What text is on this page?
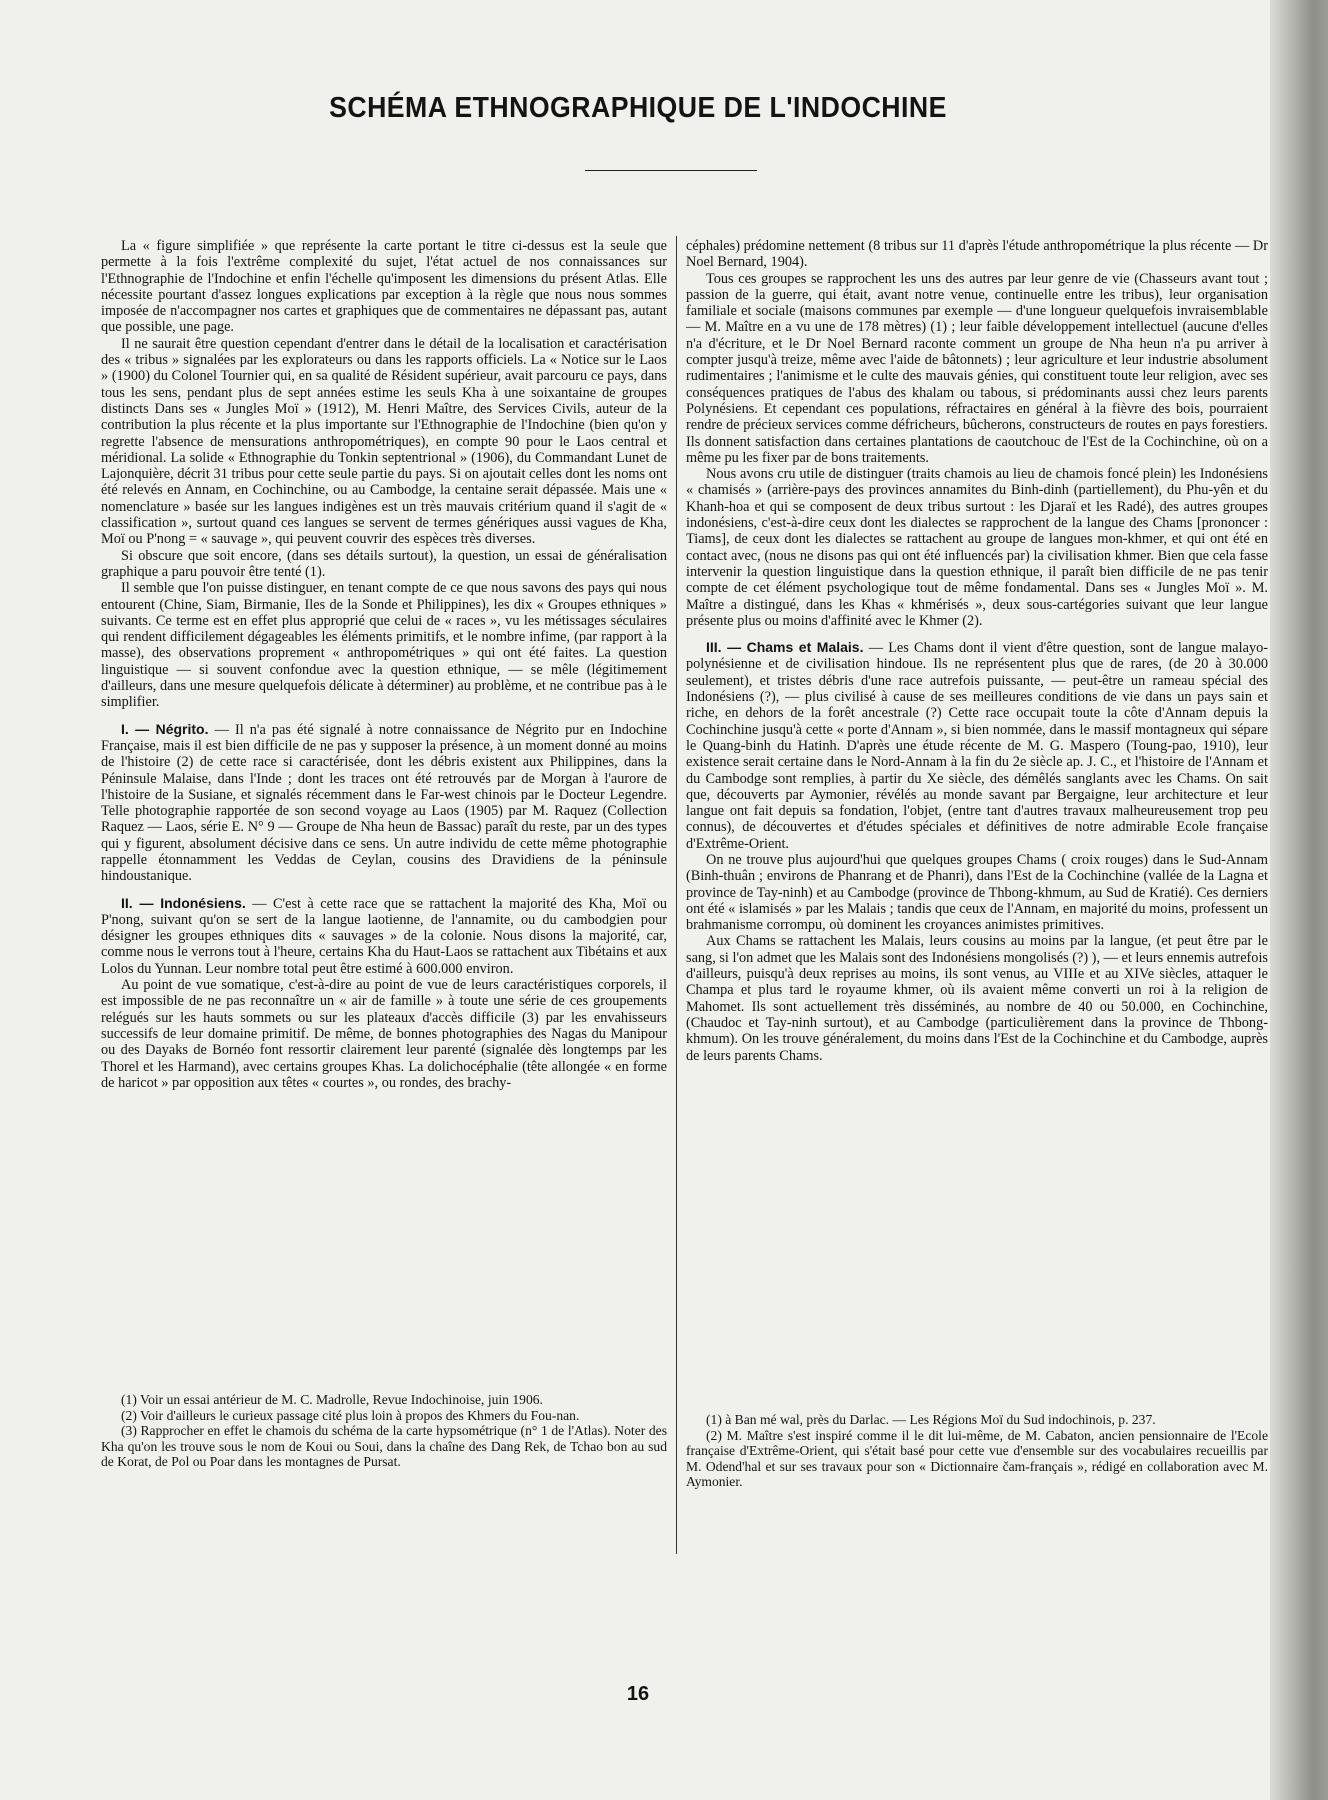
SCHÉMA ETHNOGRAPHIQUE DE L'INDOCHINE

La « figure simplifiée » que représente la carte portant le titre ci-dessus est la seule que permette à la fois l'extrême complexité du sujet, l'état actuel de nos connaissances sur l'Ethnographie de l'Indochine et enfin l'échelle qu'imposent les dimensions du présent Atlas. Elle nécessite pourtant d'assez longues explications par exception à la règle que nous nous sommes imposée de n'accompagner nos cartes et graphiques que de commentaires ne dépassant pas, autant que possible, une page.

Il ne saurait être question cependant d'entrer dans le détail de la localisation et caractérisation des « tribus » signalées par les explorateurs ou dans les rapports officiels. La « Notice sur le Laos » (1900) du Colonel Tournier qui, en sa qualité de Résident supérieur, avait parcouru ce pays, dans tous les sens, pendant plus de sept années estime les seuls Kha à une soixantaine de groupes distincts Dans ses « Jungles Moï » (1912), M. Henri Maître, des Services Civils, auteur de la contribution la plus récente et la plus importante sur l'Ethnographie de l'Indochine (bien qu'on y regrette l'absence de mensurations anthropométriques), en compte 90 pour le Laos central et méridional. La solide « Ethnographie du Tonkin septentrional » (1906), du Commandant Lunet de Lajonquière, décrit 31 tribus pour cette seule partie du pays. Si on ajoutait celles dont les noms ont été relevés en Annam, en Cochinchine, ou au Cambodge, la centaine serait dépassée. Mais une « nomenclature » basée sur les langues indigènes est un très mauvais critérium quand il s'agit de « classification », surtout quand ces langues se servent de termes génériques aussi vagues de Kha, Moï ou P'nong = « sauvage », qui peuvent couvrir des espèces très diverses.

Si obscure que soit encore, (dans ses détails surtout), la question, un essai de généralisation graphique a paru pouvoir être tenté (1).

Il semble que l'on puisse distinguer, en tenant compte de ce que nous savons des pays qui nous entourent (Chine, Siam, Birmanie, Iles de la Sonde et Philippines), les dix « Groupes ethniques » suivants. Ce terme est en effet plus approprié que celui de « races », vu les métissages séculaires qui rendent difficilement dégageables les éléments primitifs, et le nombre infime, (par rapport à la masse), des observations proprement « anthropométriques » qui ont été faites. La question linguistique — si souvent confondue avec la question ethnique, — se mêle (légitimement d'ailleurs, dans une mesure quelquefois délicate à déterminer) au problème, et ne contribue pas à le simplifier.

I. — Négrito. — Il n'a pas été signalé à notre connaissance de Négrito pur en Indochine Française, mais il est bien difficile de ne pas y supposer la présence, à un moment donné au moins de l'histoire (2) de cette race si caractérisée, dont les débris existent aux Philippines, dans la Péninsule Malaise, dans l'Inde ; dont les traces ont été retrouvés par de Morgan à l'aurore de l'histoire de la Susiane, et signalés récemment dans le Far-west chinois par le Docteur Legendre. Telle photographie rapportée de son second voyage au Laos (1905) par M. Raquez (Collection Raquez — Laos, série E. N° 9 — Groupe de Nha heun de Bassac) paraît du reste, par un des types qui y figurent, absolument décisive dans ce sens. Un autre individu de cette même photographie rappelle étonnamment les Veddas de Ceylan, cousins des Dravidiens de la péninsule hindoustanique.

II. — Indonésiens. — C'est à cette race que se rattachent la majorité des Kha, Moï ou P'nong, suivant qu'on se sert de la langue laotienne, de l'annamite, ou du cambodgien pour désigner les groupes ethniques dits « sauvages » de la colonie. Nous disons la majorité, car, comme nous le verrons tout à l'heure, certains Kha du Haut-Laos se rattachent aux Tibétains et aux Lolos du Yunnan. Leur nombre total peut être estimé à 600.000 environ.

Au point de vue somatique, c'est-à-dire au point de vue de leurs caractéristiques corporels, il est impossible de ne pas reconnaître un « air de famille » à toute une série de ces groupements relégués sur les hauts sommets ou sur les plateaux d'accès difficile (3) par les envahisseurs successifs de leur domaine primitif. De même, de bonnes photographies des Nagas du Manipour ou des Dayaks de Bornéo font ressortir clairement leur parenté (signalée dès longtemps par les Thorel et les Harmand), avec certains groupes Khas. La dolichocéphalie (tête allongée « en forme de haricot » par opposition aux têtes « courtes », ou rondes, des brachy-

céphales) prédomine nettement (8 tribus sur 11 d'après l'étude anthropométrique la plus récente — Dr Noel Bernard, 1904).

Tous ces groupes se rapprochent les uns des autres par leur genre de vie (Chasseurs avant tout ; passion de la guerre, qui était, avant notre venue, continuelle entre les tribus), leur organisation familiale et sociale (maisons communes par exemple — d'une longueur quelquefois invraisemblable — M. Maître en a vu une de 178 mètres) (1) ; leur faible développement intellectuel (aucune d'elles n'a d'écriture, et le Dr Noel Bernard raconte comment un groupe de Nha heun n'a pu arriver à compter jusqu'à treize, même avec l'aide de bâtonnets) ; leur agriculture et leur industrie absolument rudimentaires ; l'animisme et le culte des mauvais génies, qui constituent toute leur religion, avec ses conséquences pratiques de l'abus des khalam ou tabous, si prédominants aussi chez leurs parents Polynésiens. Et cependant ces populations, réfractaires en général à la fièvre des bois, pourraient rendre de précieux services comme défricheurs, bûcherons, constructeurs de routes en pays forestiers. Ils donnent satisfaction dans certaines plantations de caoutchouc de l'Est de la Cochinchine, où on a même pu les fixer par de bons traitements.

Nous avons cru utile de distinguer (traits chamois au lieu de chamois foncé plein) les Indonésiens « chamisés » (arrière-pays des provinces annamites du Binh-dinh (partiellement), du Phu-yên et du Khanh-hoa et qui se composent de deux tribus surtout : les Djaraï et les Radé), des autres groupes indonésiens, c'est-à-dire ceux dont les dialectes se rapprochent de la langue des Chams [prononcer : Tiams], de ceux dont les dialectes se rattachent au groupe de langues mon-khmer, et qui ont été en contact avec, (nous ne disons pas qui ont été influencés par) la civilisation khmer. Bien que cela fasse intervenir la question linguistique dans la question ethnique, il paraît bien difficile de ne pas tenir compte de cet élément psychologique tout de même fondamental. Dans ses « Jungles Moï ». M. Maître a distingué, dans les Khas « khmérisés », deux sous-cartégories suivant que leur langue présente plus ou moins d'affinité avec le Khmer (2).

III. — Chams et Malais. — Les Chams dont il vient d'être question, sont de langue malayo-polynésienne et de civilisation hindoue. Ils ne représentent plus que de rares, (de 20 à 30.000 seulement), et tristes débris d'une race autrefois puissante, — peut-être un rameau spécial des Indonésiens (?), — plus civilisé à cause de ses meilleures conditions de vie dans un pays sain et riche, en dehors de la forêt ancestrale (?) Cette race occupait toute la côte d'Annam depuis la Cochinchine jusqu'à cette « porte d'Annam », si bien nommée, dans le massif montagneux qui sépare le Quang-binh du Hatinh. D'après une étude récente de M. G. Maspero (Toung-pao, 1910), leur existence serait certaine dans le Nord-Annam à la fin du 2e siècle ap. J. C., et l'histoire de l'Annam et du Cambodge sont remplies, à partir du Xe siècle, des démêlés sanglants avec les Chams. On sait que, découverts par Aymonier, révélés au monde savant par Bergaigne, leur architecture et leur langue ont fait depuis sa fondation, l'objet, (entre tant d'autres travaux malheureusement trop peu connus), de découvertes et d'études spéciales et définitives de notre admirable Ecole française d'Extrême-Orient.

On ne trouve plus aujourd'hui que quelques groupes Chams ( croix rouges) dans le Sud-Annam (Binh-thuân ; environs de Phanrang et de Phanri), dans l'Est de la Cochinchine (vallée de la Lagna et province de Tay-ninh) et au Cambodge (province de Thbong-khmum, au Sud de Kratié). Ces derniers ont été « islamisés » par les Malais ; tandis que ceux de l'Annam, en majorité du moins, professent un brahmanisme corrompu, où dominent les croyances animistes primitives.

Aux Chams se rattachent les Malais, leurs cousins au moins par la langue, (et peut être par le sang, si l'on admet que les Malais sont des Indonésiens mongolisés (?) ), — et leurs ennemis autrefois d'ailleurs, puisqu'à deux reprises au moins, ils sont venus, au VIIIe et au XIVe siècles, attaquer le Champa et plus tard le royaume khmer, où ils avaient même converti un roi à la religion de Mahomet. Ils sont actuellement très disséminés, au nombre de 40 ou 50.000, en Cochinchine, (Chaudoc et Tay-ninh surtout), et au Cambodge (particulièrement dans la province de Thbong-khmum). On les trouve généralement, du moins dans l'Est de la Cochinchine et du Cambodge, auprès de leurs parents Chams.

(1) Voir un essai antérieur de M. C. Madrolle, Revue Indochinoise, juin 1906.

(2) Voir d'ailleurs le curieux passage cité plus loin à propos des Khmers du Fou-nan.

(3) Rapprocher en effet le chamois du schéma de la carte hypsométrique (n° 1 de l'Atlas). Noter des Kha qu'on les trouve sous le nom de Koui ou Soui, dans la chaîne des Dang Rek, de Tchao bon au sud de Korat, de Pol ou Poar dans les montagnes de Pursat.

(1) à Ban mé wal, près du Darlac. — Les Régions Moï du Sud indochinois, p. 237.

(2) M. Maître s'est inspiré comme il le dit lui-même, de M. Cabaton, ancien pensionnaire de l'Ecole française d'Extrême-Orient, qui s'était basé pour cette vue d'ensemble sur des vocabulaires recueillis par M. Odend'hal et sur ses travaux pour son « Dictionnaire čam-français », rédigé en collaboration avec M. Aymonier.

16
